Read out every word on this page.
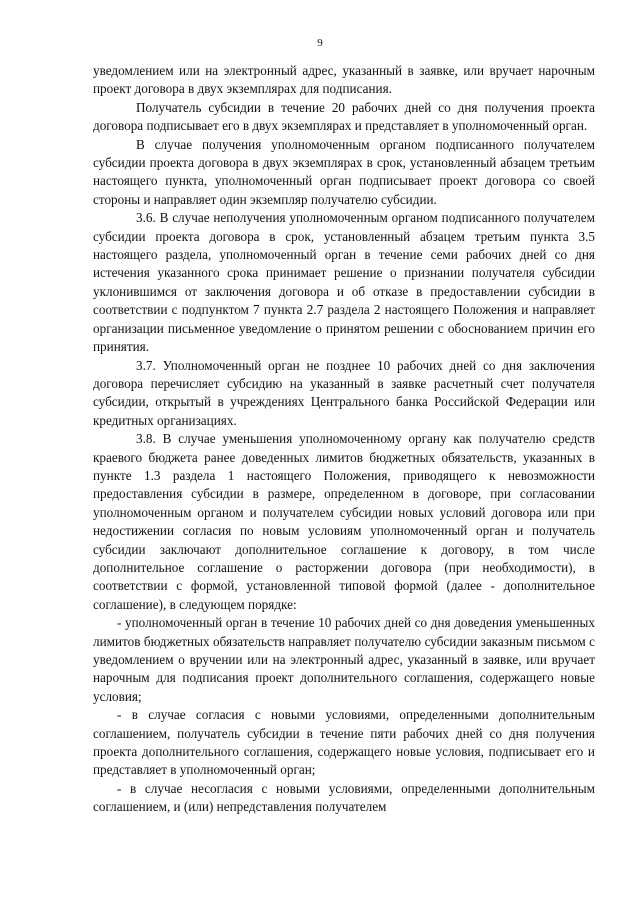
9

уведомлением или на электронный адрес, указанный в заявке, или вручает нарочным проект договора в двух экземплярах для подписания.

Получатель субсидии в течение 20 рабочих дней со дня получения проекта договора подписывает его в двух экземплярах и представляет в уполномоченный орган.

В случае получения уполномоченным органом подписанного получателем субсидии проекта договора в двух экземплярах в срок, установленный абзацем третьим настоящего пункта, уполномоченный орган подписывает проект договора со своей стороны и направляет один экземпляр получателю субсидии.

3.6. В случае неполучения уполномоченным органом подписанного получателем субсидии проекта договора в срок, установленный абзацем третьим пункта 3.5 настоящего раздела, уполномоченный орган в течение семи рабочих дней со дня истечения указанного срока принимает решение о признании получателя субсидии уклонившимся от заключения договора и об отказе в предоставлении субсидии в соответствии с подпунктом 7 пункта 2.7 раздела 2 настоящего Положения и направляет организации письменное уведомление о принятом решении с обоснованием причин его принятия.

3.7. Уполномоченный орган не позднее 10 рабочих дней со дня заключения договора перечисляет субсидию на указанный в заявке расчетный счет получателя субсидии, открытый в учреждениях Центрального банка Российской Федерации или кредитных организациях.

3.8. В случае уменьшения уполномоченному органу как получателю средств краевого бюджета ранее доведенных лимитов бюджетных обязательств, указанных в пункте 1.3 раздела 1 настоящего Положения, приводящего к невозможности предоставления субсидии в размере, определенном в договоре, при согласовании уполномоченным органом и получателем субсидии новых условий договора или при недостижении согласия по новым условиям уполномоченный орган и получатель субсидии заключают дополнительное соглашение к договору, в том числе дополнительное соглашение о расторжении договора (при необходимости), в соответствии с формой, установленной типовой формой (далее - дополнительное соглашение), в следующем порядке:

- уполномоченный орган в течение 10 рабочих дней со дня доведения уменьшенных лимитов бюджетных обязательств направляет получателю субсидии заказным письмом с уведомлением о вручении или на электронный адрес, указанный в заявке, или вручает нарочным для подписания проект дополнительного соглашения, содержащего новые условия;

- в случае согласия с новыми условиями, определенными дополнительным соглашением, получатель субсидии в течение пяти рабочих дней со дня получения проекта дополнительного соглашения, содержащего новые условия, подписывает его и представляет в уполномоченный орган;

- в случае несогласия с новыми условиями, определенными дополнительным соглашением, и (или) непредставления получателем
